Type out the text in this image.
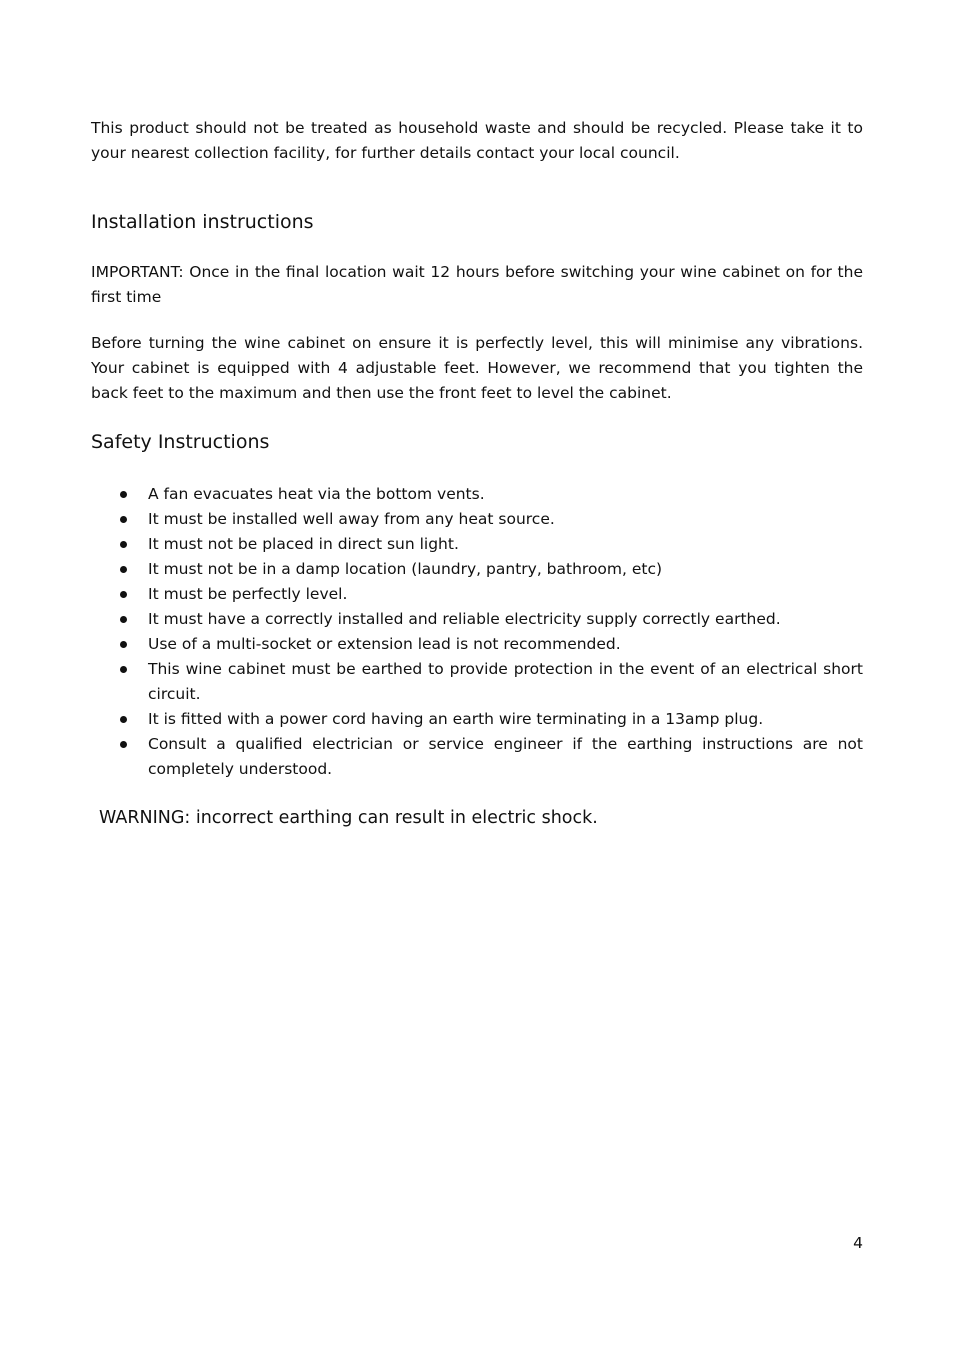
This product should not be treated as household waste and should be recycled. Please take it to your nearest collection facility, for further details contact your local council.

Installation instructions

IMPORTANT: Once in the final location wait 12 hours before switching your wine cabinet on for the first time

Before turning the wine cabinet on ensure it is perfectly level, this will minimise any vibrations. Your cabinet is equipped with 4 adjustable feet. However, we recommend that you tighten the back feet to the maximum and then use the front feet to level the cabinet.

Safety Instructions
A fan evacuates heat via the bottom vents.
It must be installed well away from any heat source.
It must not be placed in direct sun light.
It must not be in a damp location (laundry, pantry, bathroom, etc)
It must be perfectly level.
It must have a correctly installed and reliable electricity supply correctly earthed.
Use of a multi-socket or extension lead is not recommended.
This wine cabinet must be earthed to provide protection in the event of an electrical short circuit.
It is fitted with a power cord having an earth wire terminating in a 13amp plug.
Consult a qualified electrician or service engineer if the earthing instructions are not completely understood.

WARNING: incorrect earthing can result in electric shock.

4
